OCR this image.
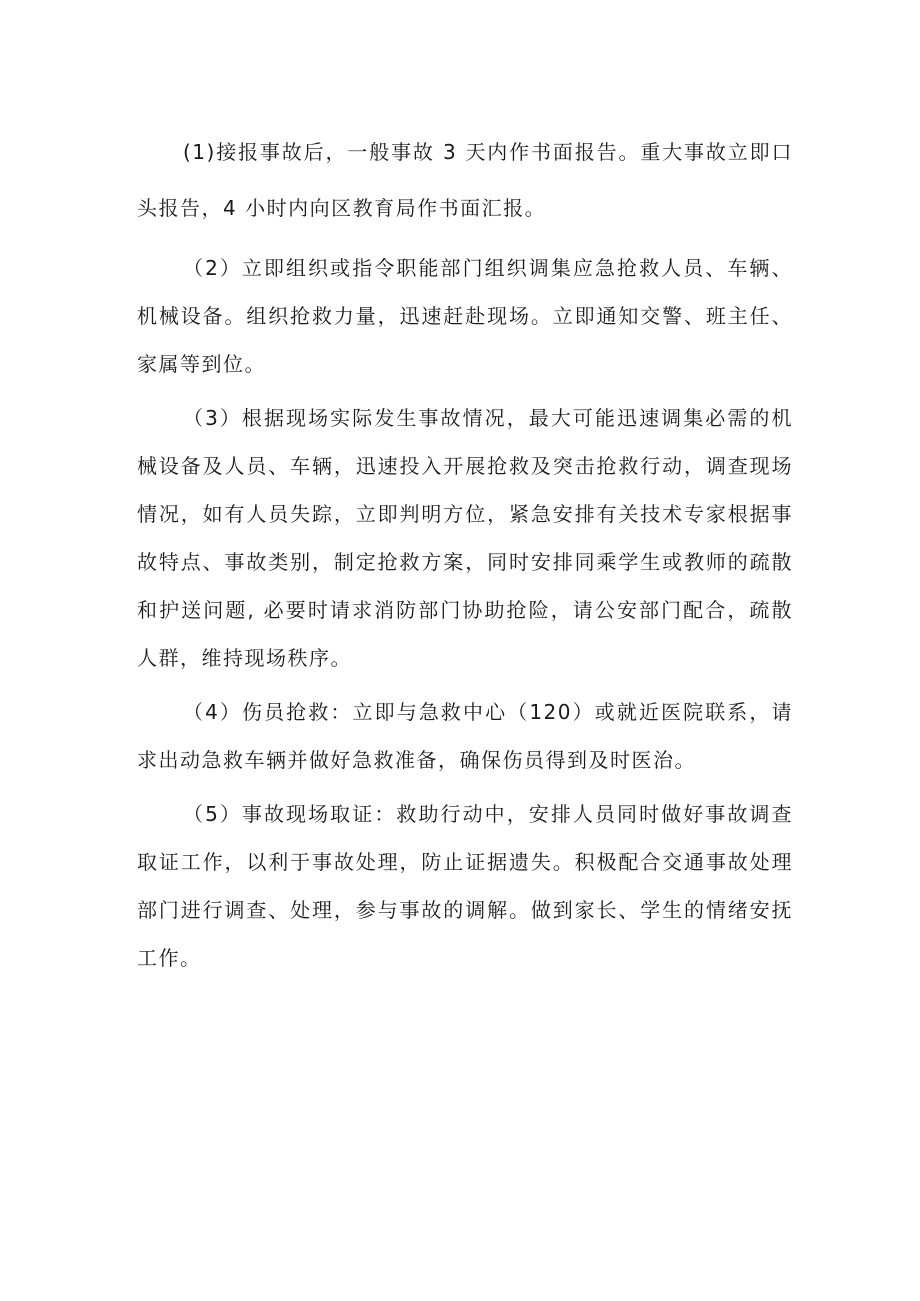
(1)接报事故后，一般事故 3 天内作书面报告。重大事故立即口头报告，4 小时内向区教育局作书面汇报。

（2）立即组织或指令职能部门组织调集应急抢救人员、车辆、机械设备。组织抢救力量，迅速赶赴现场。立即通知交警、班主任、家属等到位。

（3）根据现场实际发生事故情况，最大可能迅速调集必需的机械设备及人员、车辆，迅速投入开展抢救及突击抢救行动，调查现场情况，如有人员失踪，立即判明方位，紧急安排有关技术专家根据事故特点、事故类别，制定抢救方案，同时安排同乘学生或教师的疏散和护送问题, 必要时请求消防部门协助抢险，请公安部门配合，疏散人群，维持现场秩序。

（4）伤员抢救：立即与急救中心（120）或就近医院联系，请求出动急救车辆并做好急救准备，确保伤员得到及时医治。

（5）事故现场取证：救助行动中，安排人员同时做好事故调查取证工作，以利于事故处理，防止证据遗失。积极配合交通事故处理部门进行调查、处理，参与事故的调解。做到家长、学生的情绪安抚工作。
